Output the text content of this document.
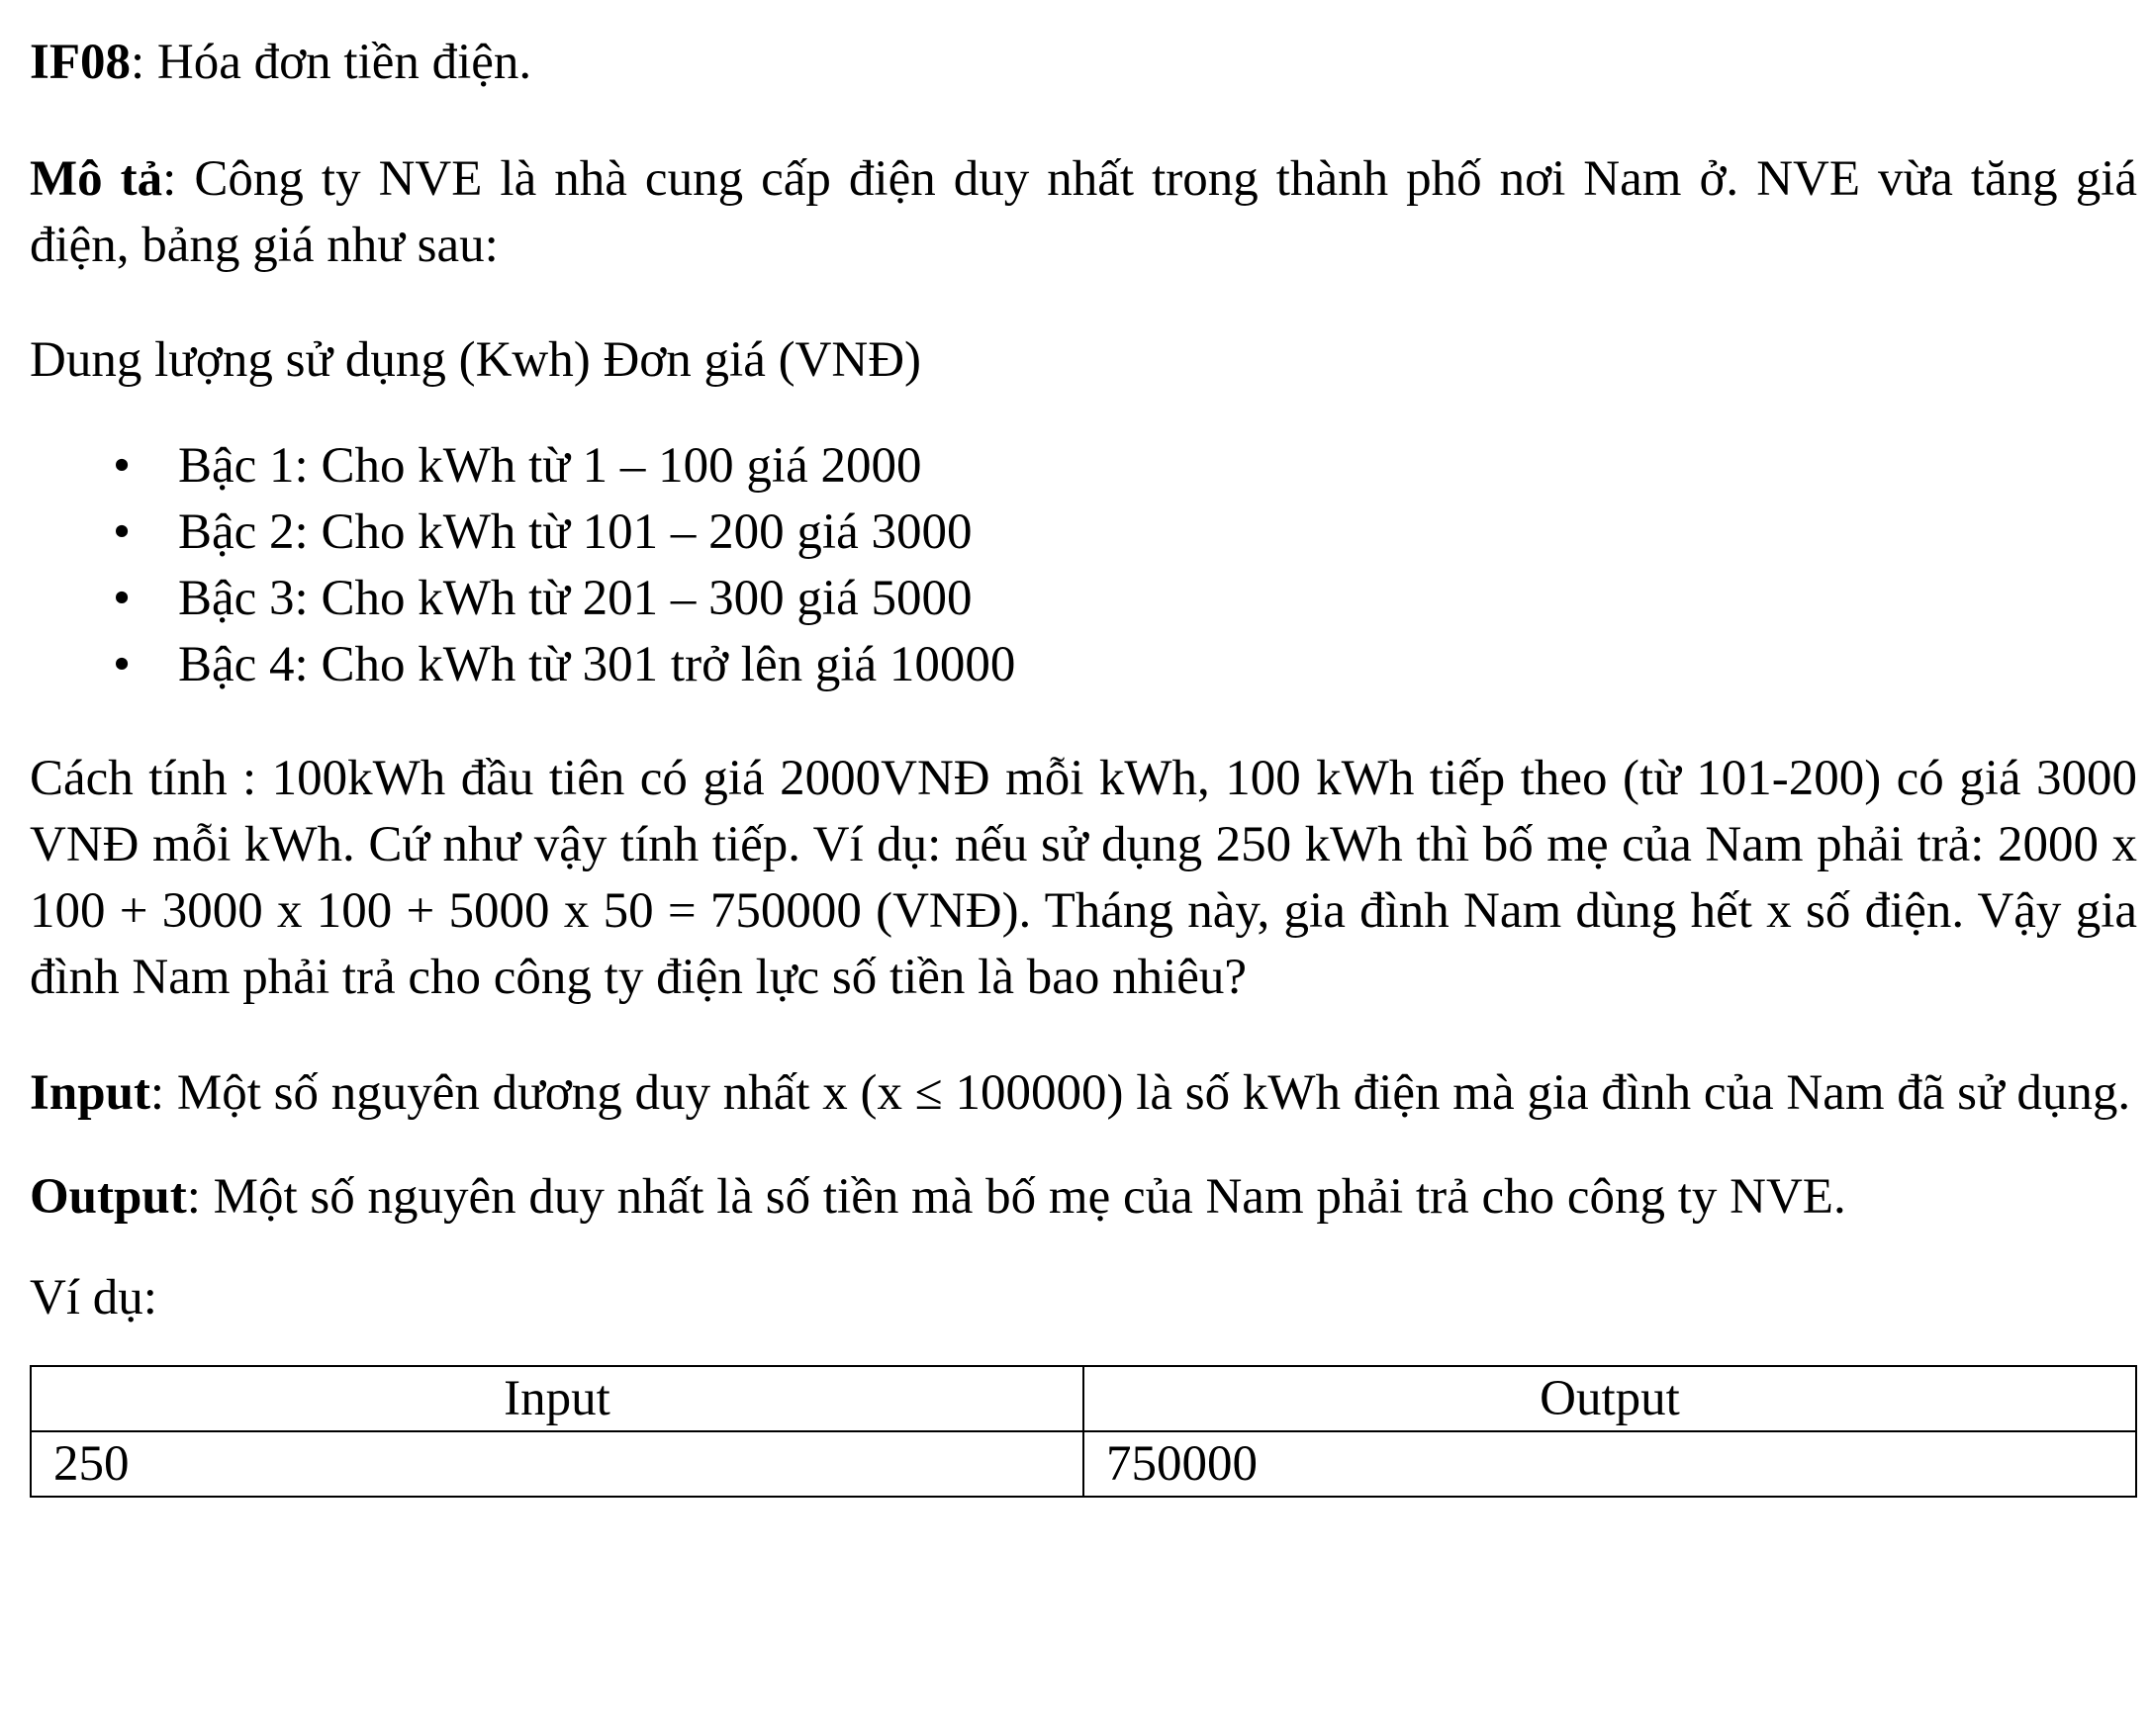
IF08: Hóa đơn tiền điện.

Mô tả: Công ty NVE là nhà cung cấp điện duy nhất trong thành phố nơi Nam ở. NVE vừa tăng giá điện, bảng giá như sau:

Dung lượng sử dụng (Kwh) Đơn giá (VNĐ)

• Bậc 1: Cho kWh từ 1 – 100 giá 2000
• Bậc 2: Cho kWh từ 101 – 200 giá 3000
• Bậc 3: Cho kWh từ 201 – 300 giá 5000
• Bậc 4: Cho kWh từ 301 trở lên giá 10000

Cách tính : 100kWh đầu tiên có giá 2000VNĐ mỗi kWh, 100 kWh tiếp theo (từ 101-200) có giá 3000 VNĐ mỗi kWh. Cứ như vậy tính tiếp. Ví dụ: nếu sử dụng 250 kWh thì bố mẹ của Nam phải trả: 2000 x 100 + 3000 x 100 + 5000 x 50 = 750000 (VNĐ). Tháng này, gia đình Nam dùng hết x số điện. Vậy gia đình Nam phải trả cho công ty điện lực số tiền là bao nhiêu?

Input: Một số nguyên dương duy nhất x (x ≤ 100000) là số kWh điện mà gia đình của Nam đã sử dụng.

Output: Một số nguyên duy nhất là số tiền mà bố mẹ của Nam phải trả cho công ty NVE.

Ví dụ:

Input	Output
250	750000
